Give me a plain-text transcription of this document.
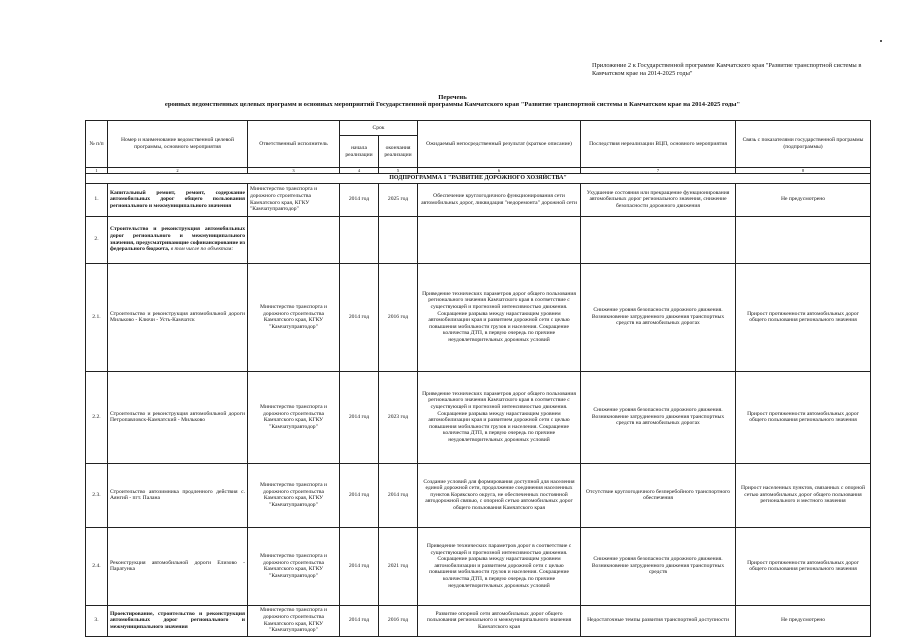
Приложение 2 к Государственной программе Камчатского края "Развитие транспортной системы в Камчатском крае на 2014-2025 годы"
Перечень
ерояных ведомственных целевых программ и основных мероприятий Государственной программы Камчатского края "Развитие транспортной системы в Камчатском крае на 2014-2025 годы"
№ п/п	Номер и наименование ведомственной целевой программы, основного мероприятия	Ответственный исполнитель	Срок		Ожидаемый непосредственный результат (краткое описание)	Последствия нереализации ВЦП, основного мероприятия	Связь с показателями государственной программы (подпрограммы)
			начала реализации	окончания реализации			
1	2	3	4	5	6	7	8
ПОДПРОГРАММА 1 "РАЗВИТИЕ ДОРОЖНОГО ХОЗЯЙСТВА"							
1.	Капитальный ремонт, ремонт, содержание автомобильных дорог общего пользования регионального и межмуниципального значения	Министерство транспорта и дорожного строительства Камчатского края, КГКУ "Камчатуправтодор"	2014 год	2025 год	Обеспечение круглогодичного функционирования сети автомобильных дорог, ликвидация "недоремонта" дорожной сети	Ухудшение состояния или прекращение функционирования автомобильных дорог регионального значения, снижение безопасности дорожного движения	Не предусмотрено
2.	Строительство и реконструкция автомобильных дорог регионального и межмуниципального значения, предусматривающие софинансирование из федерального бюджета, в том числе по объектам:						
2.1.	Строительство и реконструкция автомобильной дороги Мильково - Ключи - Усть-Камчатск	Министерство транспорта и дорожного строительства Камчатского края, КГКУ "Камчатуправтодор"	2014 год	2016 год	Приведение технических параметров дорог общего пользования регионального значения Камчатского края в соответствие с существующей и прогнозной интенсивностью движения. Сокращение разрыва между нарастающим уровнем автомобилизации края и развитием дорожной сети с целью повышения мобильности грузов и населения. Сокращение количества ДТП, в первую очередь по причине неудовлетворительных дорожных условий	Снижение уровня безопасности дорожного движения. Возникновение затрудненного движения транспортных средств на автомобильных дорогах	Прирост протяженности автомобильных дорог общего пользования регионального значения
2.2.	Строительство и реконструкция автомобильной дороги Петропавловск-Камчатский - Мильково	Министерство транспорта и дорожного строительства Камчатского края, КГКУ "Камчатуправтодор"	2014 год	2023 год	Приведение технических параметров дорог общего пользования регионального значения Камчатского края в соответствие с существующей и прогнозной интенсивностью движения. Сокращение разрыва между нарастающим уровнем автомобилизации края и развитием дорожной сети с целью повышения мобильности грузов и населения. Сокращение количества ДТП, в первую очередь по причине неудовлетворительных дорожных условий	Снижение уровня безопасности дорожного движения. Возникновение затрудненного движения транспортных средств на автомобильных дорогах	Прирост протяженности автомобильных дорог общего пользования регионального значения
2.3.	Строительство автозимника продленного действия с. Аянгий - пгт. Палана	Министерство транспорта и дорожного строительства Камчатского края, КГКУ "Камчатуправтодор"	2014 год	2014 год	Создание условий для формирования доступной для населения единой дорожной сети, продолжение соединения населенных пунктов Корякского округа, не обеспеченных постоянной автодорожной связью, с опорной сетью автомобильных дорог общего пользования Камчатского края	Отсутствие круглогодичного безперебойного транспортного обеспечения	Прирост населенных пунктов, связанных с опорной сетью автомобильных дорог общего пользования регионального и местного значения
2.4.	Реконструкция автомобильной дороги Елизово - Паратунка	Министерство транспорта и дорожного строительства Камчатского края, КГКУ "Камчатуправтодор"	2014 год	2021 год	Приведение технических параметров дорог в соответствие с существующей и прогнозной интенсивностью движения. Сокращение разрыва между нарастающим уровнем автомобилизации и развитием дорожной сети с целью повышения мобильности грузов и населения. Сокращение количества ДТП, в первую очередь по причине неудовлетворительных дорожных условий	Снижение уровня безопасности дорожного движения. Возникновение затрудненного движения транспортных средств	Прирост протяженности автомобильных дорог общего пользования регионального значения
3.	Проектирование, строительство и реконструкция автомобильных дорог регионального и межмуниципального значения	Министерство транспорта и дорожного строительства Камчатского края, КГКУ "Камчатуправтодор"	2014 год	2016 год	Развитие опорной сети автомобильных дорог общего пользования регионального и межмуниципального значения Камчатского края	Недостаточные темпы развития транспортной доступности	Не предусмотрено
